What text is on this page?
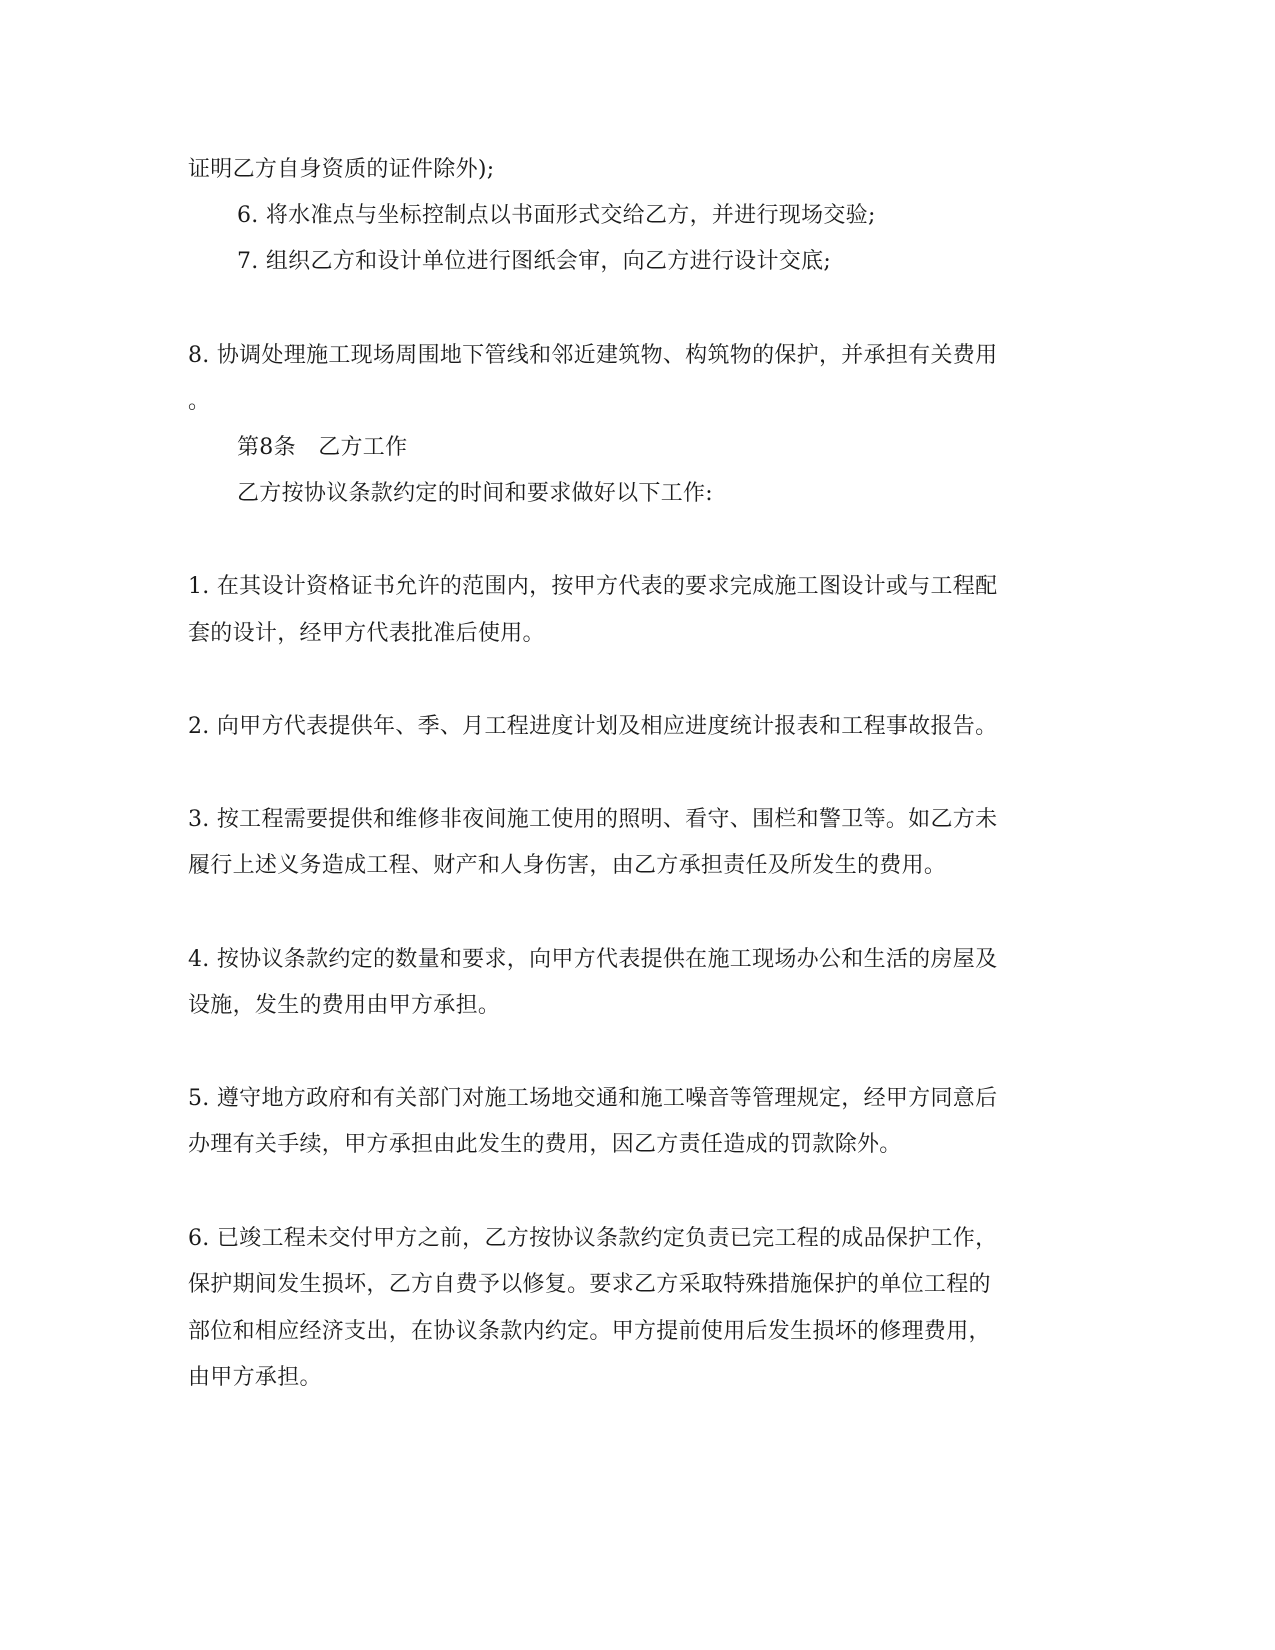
证明乙方自身资质的证件除外);
6. 将水准点与坐标控制点以书面形式交给乙方，并进行现场交验;
7. 组织乙方和设计单位进行图纸会审，向乙方进行设计交底;
8. 协调处理施工现场周围地下管线和邻近建筑物、构筑物的保护，并承担有关费用
。
第8条　乙方工作
乙方按协议条款约定的时间和要求做好以下工作:
1. 在其设计资格证书允许的范围内，按甲方代表的要求完成施工图设计或与工程配
套的设计，经甲方代表批准后使用。
2. 向甲方代表提供年、季、月工程进度计划及相应进度统计报表和工程事故报告。
3. 按工程需要提供和维修非夜间施工使用的照明、看守、围栏和警卫等。如乙方未
履行上述义务造成工程、财产和人身伤害，由乙方承担责任及所发生的费用。
4. 按协议条款约定的数量和要求，向甲方代表提供在施工现场办公和生活的房屋及
设施，发生的费用由甲方承担。
5. 遵守地方政府和有关部门对施工场地交通和施工噪音等管理规定，经甲方同意后
办理有关手续，甲方承担由此发生的费用，因乙方责任造成的罚款除外。
6. 已竣工程未交付甲方之前，乙方按协议条款约定负责已完工程的成品保护工作，
保护期间发生损坏，乙方自费予以修复。要求乙方采取特殊措施保护的单位工程的
部位和相应经济支出，在协议条款内约定。甲方提前使用后发生损坏的修理费用，
由甲方承担。
